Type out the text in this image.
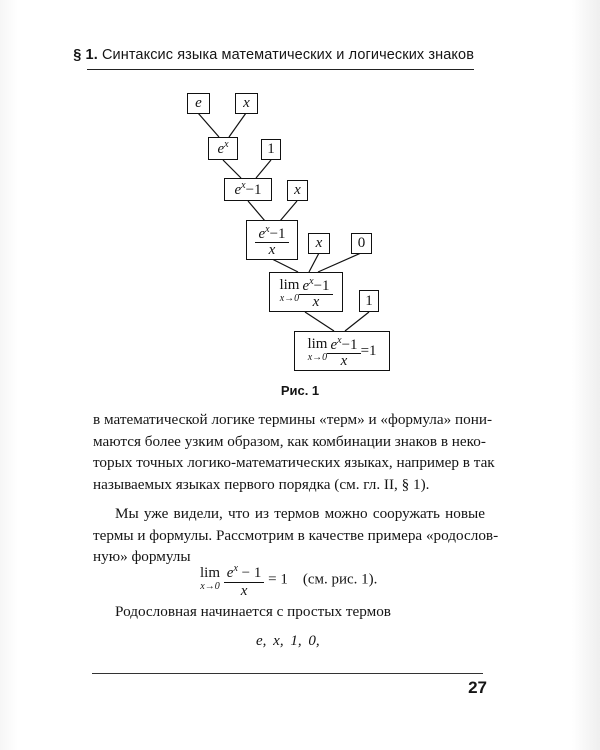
§ 1. Синтаксис языка математических и логических знаков
e	x
$e^x$	1
$e^x-1$ x
$\frac{e^x-1}{x}$ x 0
lim
$x\to 0 \frac{e^x-1}{x} 1$
lim
$x\to 0 \frac{e^x-1}{x} =1$
Рис. 1
в математической логике термины «терм» и «формула» пони-
маются более узким образом, как комбинации знаков в неко-
торых точных логико-математических языках, например в так
называемых языках первого порядка (см. гл. II, § 1).
Мы уже видели, что из термов можно сооружать новые
термы и формулы. Рассмотрим в качестве примера «родослов-
ную» формулы
lim
x→0
$\frac{e^x - 1}{x} = 1$ (см. рис. 1).
Родословная начинается с простых термов
e, x, 1, 0,
27
